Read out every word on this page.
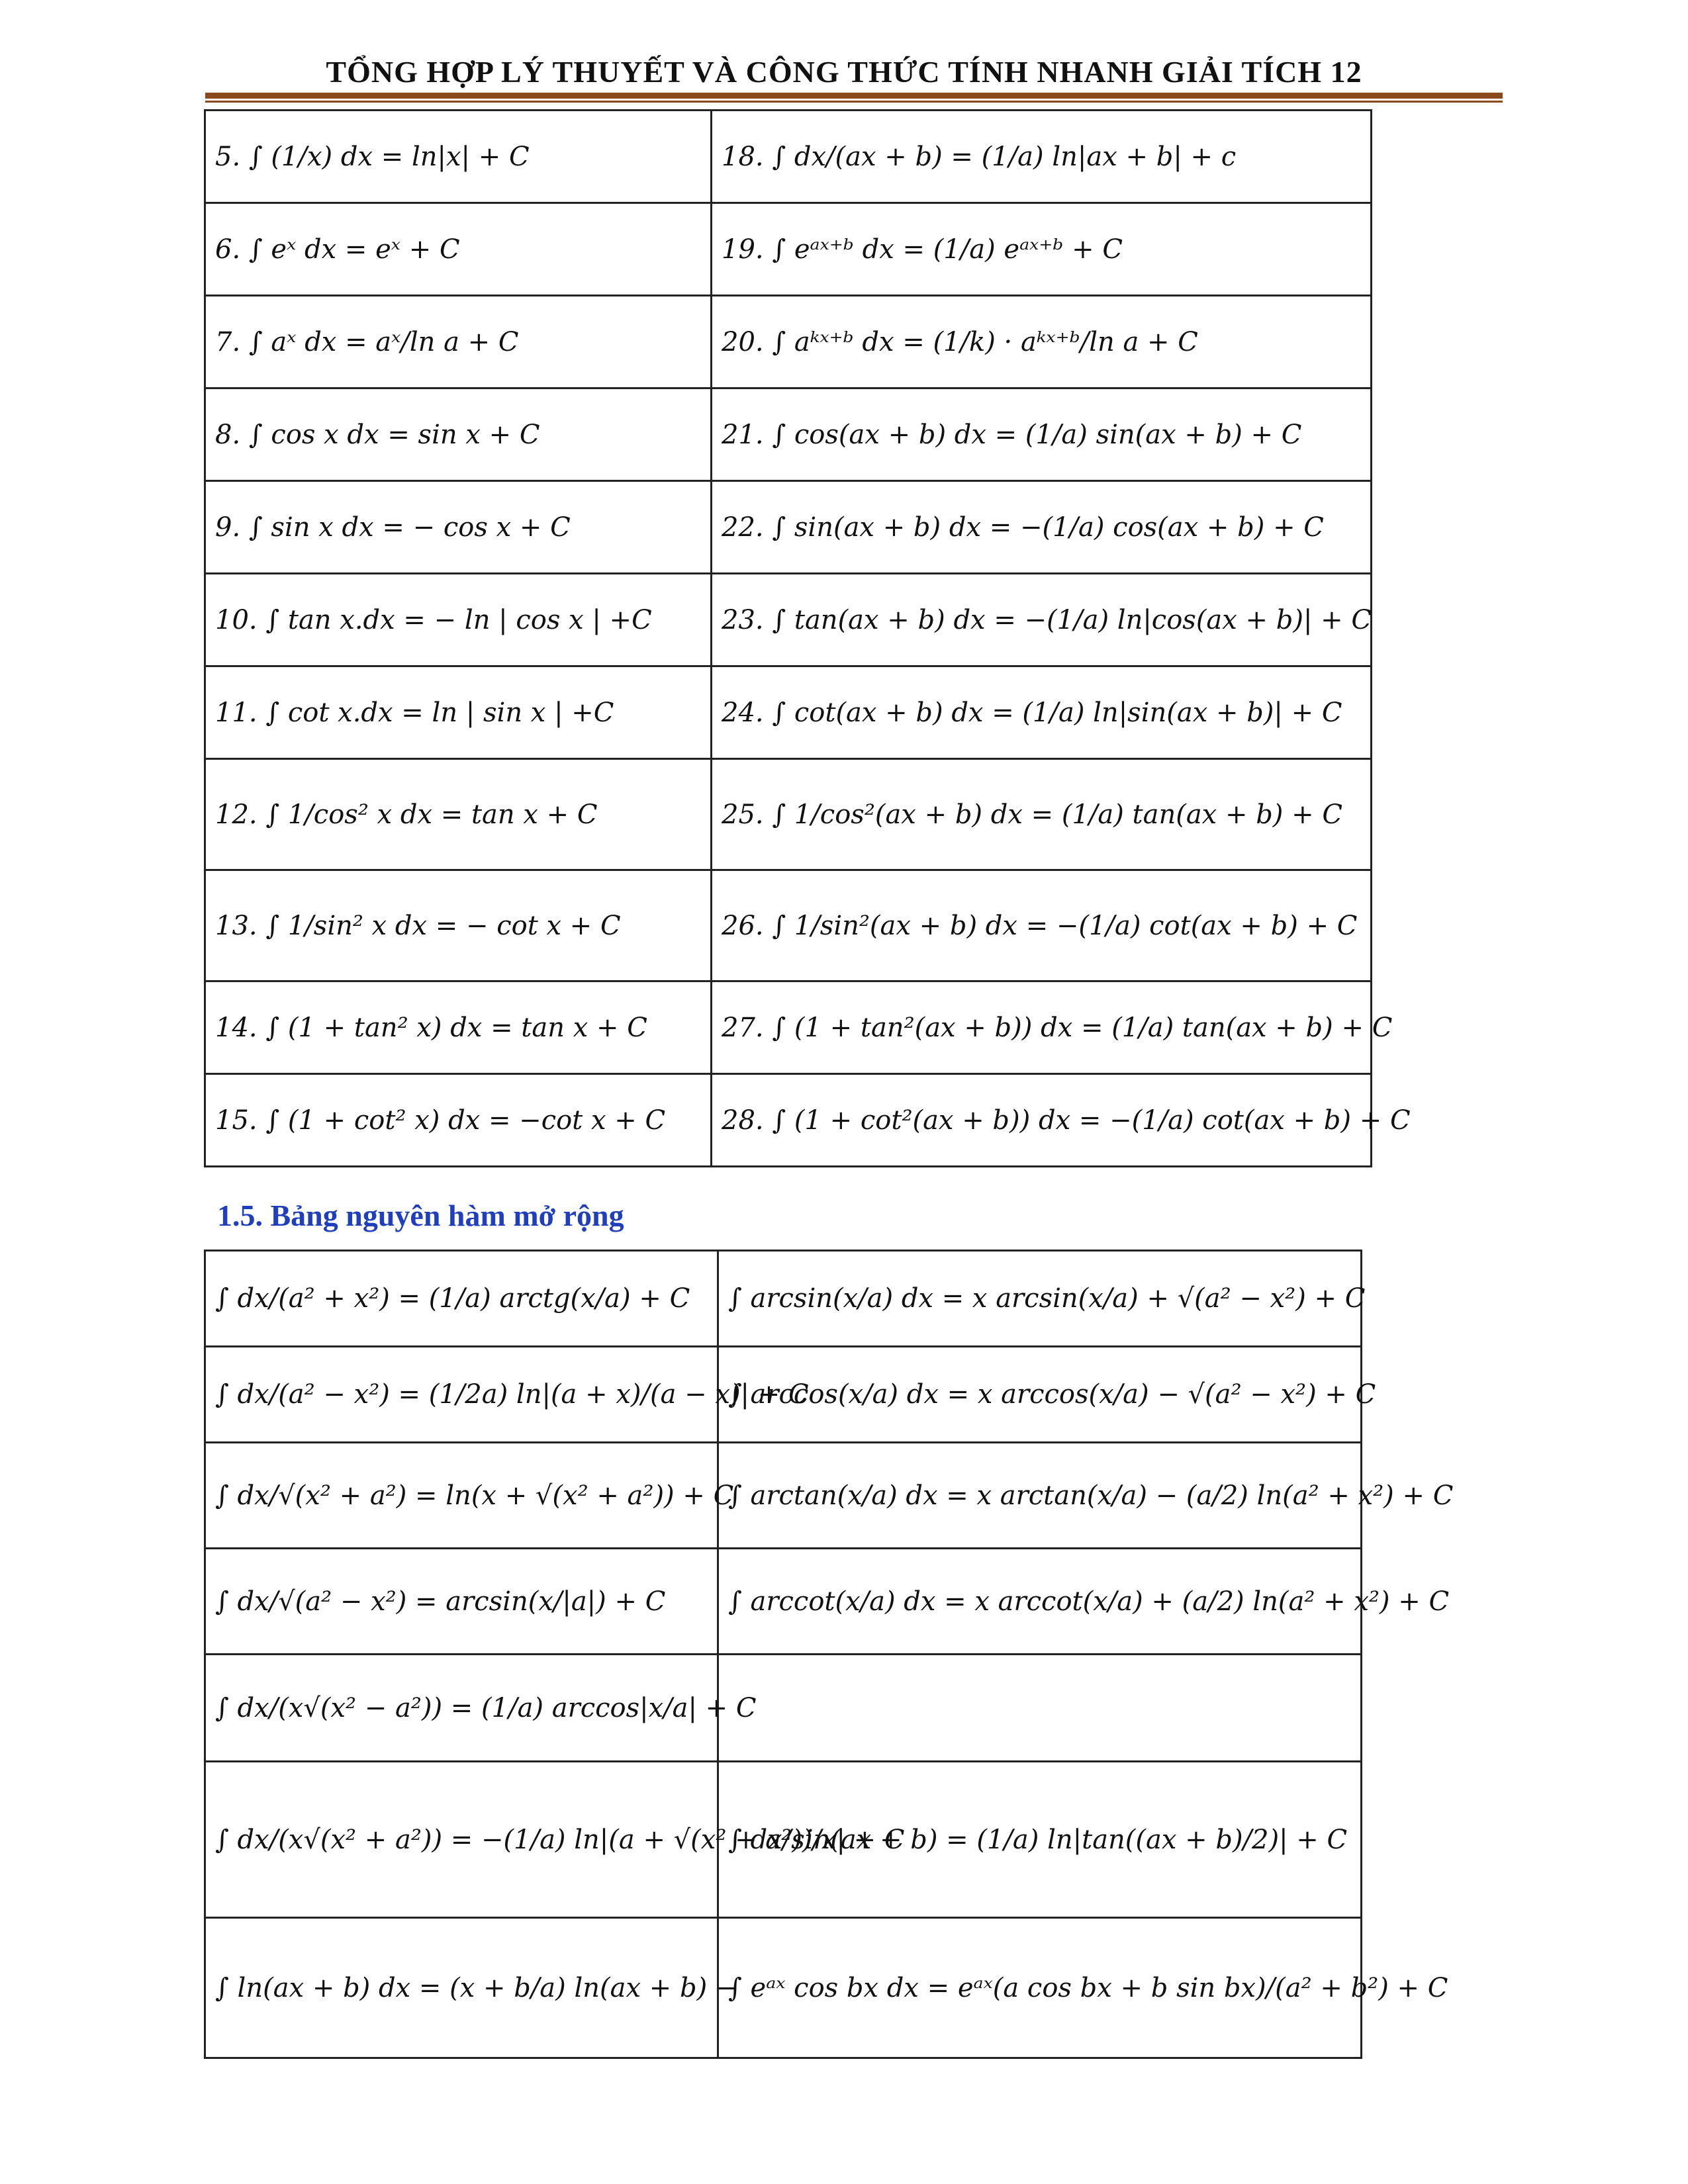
TỔNG HỢP LÝ THUYẾT VÀ CÔNG THỨC TÍNH NHANH GIẢI TÍCH 12
5. ∫ (1/x) dx = ln|x| + C	18. ∫ dx/(ax + b) = (1/a) ln|ax + b| + c

6. ∫ eˣ dx = eˣ + C	19. ∫ eᵃˣ⁺ᵇ dx = (1/a) eᵃˣ⁺ᵇ + C

7. ∫ aˣ dx = aˣ/ln a + C	20. ∫ aᵏˣ⁺ᵇ dx = (1/k) · aᵏˣ⁺ᵇ/ln a + C

8. ∫ cos x dx = sin x + C	21. ∫ cos(ax + b) dx = (1/a) sin(ax + b) + C

9. ∫ sin x dx = − cos x + C	22. ∫ sin(ax + b) dx = −(1/a) cos(ax + b) + C

10. ∫ tan x.dx = − ln | cos x | +C	23. ∫ tan(ax + b) dx = −(1/a) ln|cos(ax + b)| + C

11. ∫ cot x.dx = ln | sin x | +C	24. ∫ cot(ax + b) dx = (1/a) ln|sin(ax + b)| + C

12. ∫ 1/cos² x dx = tan x + C	25. ∫ 1/cos²(ax + b) dx = (1/a) tan(ax + b) + C

13. ∫ 1/sin² x dx = − cot x + C	26. ∫ 1/sin²(ax + b) dx = −(1/a) cot(ax + b) + C

14. ∫ (1 + tan² x) dx = tan x + C	27. ∫ (1 + tan²(ax + b)) dx = (1/a) tan(ax + b) + C

15. ∫ (1 + cot² x) dx = −cot x + C	28. ∫ (1 + cot²(ax + b)) dx = −(1/a) cot(ax + b) + C
1.5. Bảng nguyên hàm mở rộng
∫ dx/(a² + x²) = (1/a) arctg(x/a) + C	∫ arcsin(x/a) dx = x arcsin(x/a) + √(a² − x²) + C

∫ dx/(a² − x²) = (1/2a) ln|(a + x)/(a − x)| + C	∫ arccos(x/a) dx = x arccos(x/a) − √(a² − x²) + C

∫ dx/√(x² + a²) = ln(x + √(x² + a²)) + C	∫ arctan(x/a) dx = x arctan(x/a) − (a/2) ln(a² + x²) + C

∫ dx/√(a² − x²) = arcsin(x/|a|) + C	∫ arccot(x/a) dx = x arccot(x/a) + (a/2) ln(a² + x²) + C

∫ dx/(x√(x² − a²)) = (1/a) arccos|x/a| + C	

∫ dx/(x√(x² + a²)) = −(1/a) ln|(a + √(x² + a²))/x| + C	∫ dx/sin(ax + b) = (1/a) ln|tan((ax + b)/2)| + C

∫ ln(ax + b) dx = (x + b/a) ln(ax + b) −	∫ eᵃˣ cos bx dx = eᵃˣ(a cos bx + b sin bx)/(a² + b²) + C
